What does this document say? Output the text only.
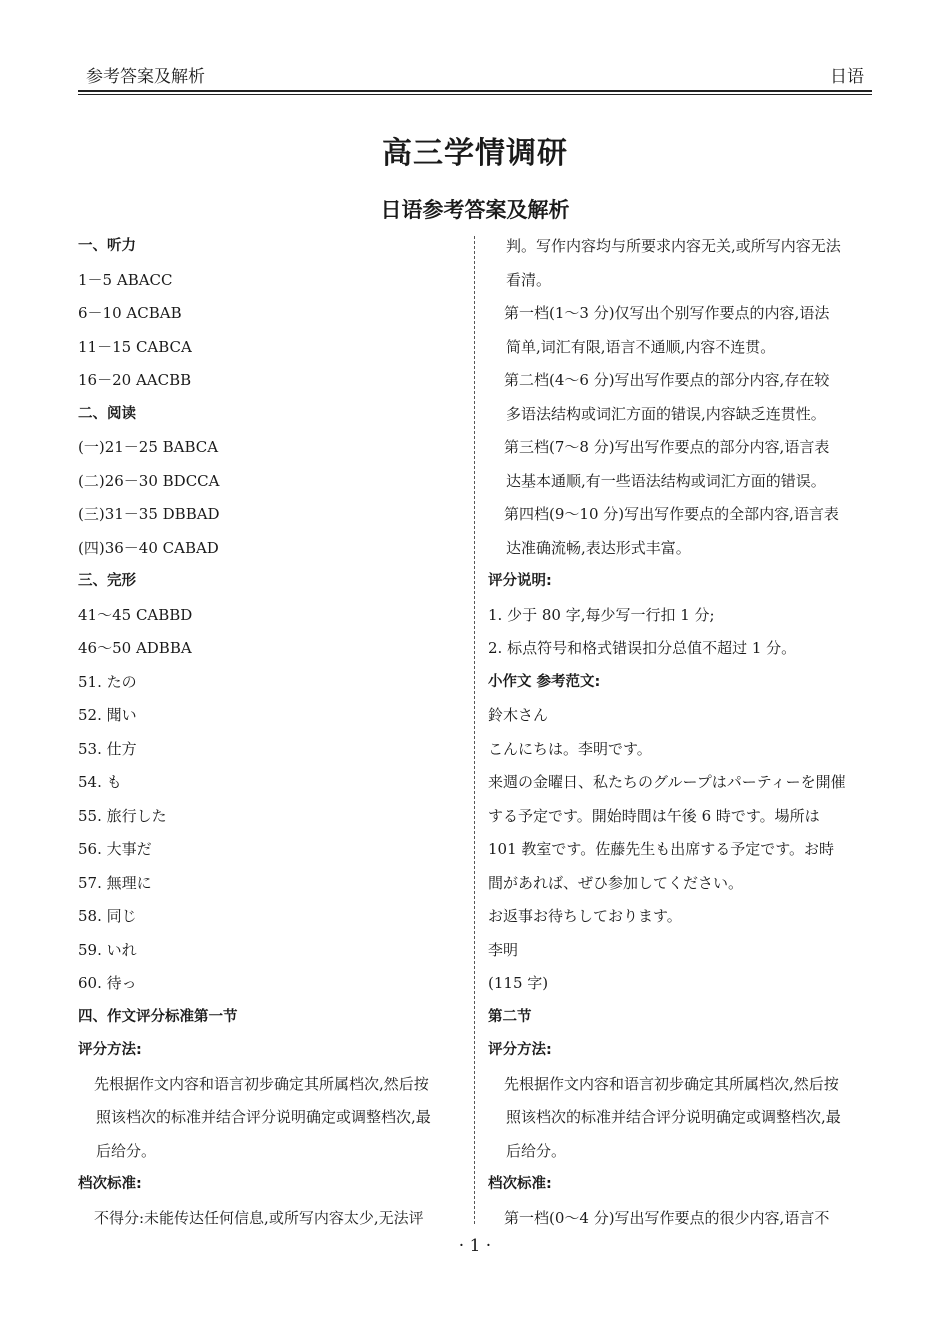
参考答案及解析	日语
高三学情调研
日语参考答案及解析
一、听力
1－5 ABACC
6－10 ACBAB
11－15 CABCA
16－20 AACBB
二、阅读
(一)21－25 BABCA
(二)26－30 BDCCA
(三)31－35 DBBAD
(四)36－40 CABAD
三、完形
41～45 CABBD
46～50 ADBBA
51. たの
52. 聞い
53. 仕方
54. も
55. 旅行した
56. 大事だ
57. 無理に
58. 同じ
59. いれ
60. 待っ
四、作文评分标准第一节
评分方法:
先根据作文内容和语言初步确定其所属档次,然后按
照该档次的标准并结合评分说明确定或调整档次,最
后给分。
档次标准:
不得分:未能传达任何信息,或所写内容太少,无法评
判。写作内容均与所要求内容无关,或所写内容无法
看清。
第一档(1～3 分)仅写出个别写作要点的内容,语法
简单,词汇有限,语言不通顺,内容不连贯。
第二档(4～6 分)写出写作要点的部分内容,存在较
多语法结构或词汇方面的错误,内容缺乏连贯性。
第三档(7～8 分)写出写作要点的部分内容,语言表
达基本通顺,有一些语法结构或词汇方面的错误。
第四档(9～10 分)写出写作要点的全部内容,语言表
达准确流畅,表达形式丰富。
评分说明:
1. 少于 80 字,每少写一行扣 1 分;
2. 标点符号和格式错误扣分总值不超过 1 分。
小作文 参考范文:
鈴木さん
こんにちは。李明です。
来週の金曜日、私たちのグループはパーティーを開催
する予定です。開始時間は午後 6 時です。場所は
101 教室です。佐藤先生も出席する予定です。お時
間があれば、ぜひ参加してください。
お返事お待ちしております。
李明
(115 字)
第二节
评分方法:
先根据作文内容和语言初步确定其所属档次,然后按
照该档次的标准并结合评分说明确定或调整档次,最
后给分。
档次标准:
第一档(0～4 分)写出写作要点的很少内容,语言不
· 1 ·
